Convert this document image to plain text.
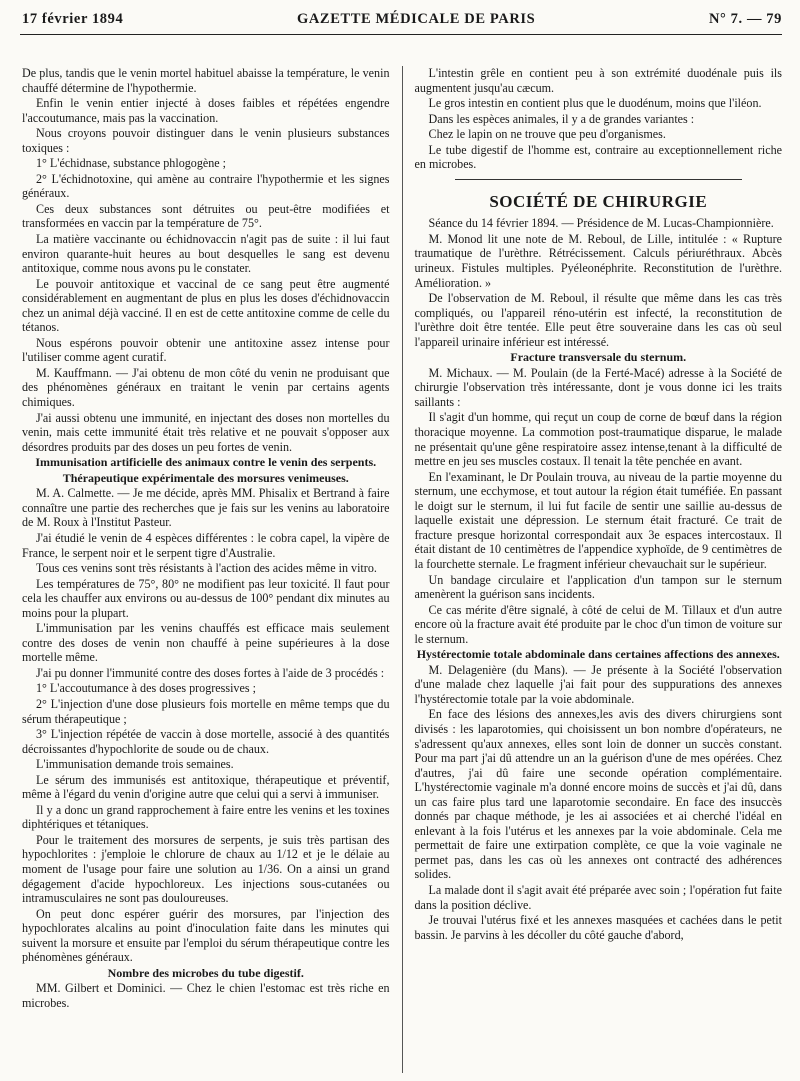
17 février 1894	GAZETTE MÉDICALE DE PARIS	N° 7. — 79

De plus, tandis que le venin mortel habituel abaisse la température, le venin chauffé détermine de l'hypothermie.

Enfin le venin entier injecté à doses faibles et répétées engendre l'accoutumance, mais pas la vaccination.

Nous croyons pouvoir distinguer dans le venin plusieurs substances toxiques :

1° L'échidnase, substance phlogogène ;

2° L'échidnotoxine, qui amène au contraire l'hypothermie et les signes généraux.

Ces deux substances sont détruites ou peut-être modifiées et transformées en vaccin par la température de 75°.

La matière vaccinante ou échidnovaccin n'agit pas de suite : il lui faut environ quarante-huit heures au bout desquelles le sang est devenu antitoxique, comme nous avons pu le constater.

Le pouvoir antitoxique et vaccinal de ce sang peut être augmenté considérablement en augmentant de plus en plus les doses d'échidnovaccin chez un animal déjà vacciné. Il en est de cette antitoxine comme de celle du tétanos.

Nous espérons pouvoir obtenir une antitoxine assez intense pour l'utiliser comme agent curatif.

M. Kauffmann. — J'ai obtenu de mon côté du venin ne produisant que des phénomènes généraux en traitant le venin par certains agents chimiques.

J'ai aussi obtenu une immunité, en injectant des doses non mortelles du venin, mais cette immunité était très relative et ne pouvait s'opposer aux désordres produits par des doses un peu fortes de venin.

Immunisation artificielle des animaux contre le venin des serpents.

Thérapeutique expérimentale des morsures venimeuses.

M. A. Calmette. — Je me décide, après MM. Phisalix et Bertrand à faire connaître une partie des recherches que je fais sur les venins au laboratoire de M. Roux à l'Institut Pasteur.

J'ai étudié le venin de 4 espèces différentes : le cobra capel, la vipère de France, le serpent noir et le serpent tigre d'Australie.

Tous ces venins sont très résistants à l'action des acides même in vitro.

Les températures de 75°, 80° ne modifient pas leur toxicité. Il faut pour cela les chauffer aux environs ou au-dessus de 100° pendant dix minutes au moins pour la plupart.

L'immunisation par les venins chauffés est efficace mais seulement contre des doses de venin non chauffé à peine supérieures à la dose mortelle même.

J'ai pu donner l'immunité contre des doses fortes à l'aide de 3 procédés :

1° L'accoutumance à des doses progressives ;

2° L'injection d'une dose plusieurs fois mortelle en même temps que du sérum thérapeutique ;

3° L'injection répétée de vaccin à dose mortelle, associé à des quantités décroissantes d'hypochlorite de soude ou de chaux.

L'immunisation demande trois semaines.

Le sérum des immunisés est antitoxique, thérapeutique et préventif, même à l'égard du venin d'origine autre que celui qui a servi à immuniser.

Il y a donc un grand rapprochement à faire entre les venins et les toxines diphtériques et tétaniques.

Pour le traitement des morsures de serpents, je suis très partisan des hypochlorites : j'emploie le chlorure de chaux au 1/12 et je le délaie au moment de l'usage pour faire une solution au 1/36. On a ainsi un grand dégagement d'acide hypochloreux. Les injections sous-cutanées ou intramusculaires ne sont pas douloureuses.

On peut donc espérer guérir des morsures, par l'injection des hypochlorates alcalins au point d'inoculation faite dans les minutes qui suivent la morsure et ensuite par l'emploi du sérum thérapeutique contre les phénomènes généraux.

Nombre des microbes du tube digestif.

MM. Gilbert et Dominici. — Chez le chien l'estomac est très riche en microbes.

L'intestin grêle en contient peu à son extrémité duodénale puis ils augmentent jusqu'au cæcum.

Le gros intestin en contient plus que le duodénum, moins que l'iléon.

Dans les espèces animales, il y a de grandes variantes :

Chez le lapin on ne trouve que peu d'organismes.

Le tube digestif de l'homme est, contraire au exceptionnellement riche en microbes.

SOCIÉTÉ DE CHIRURGIE

Séance du 14 février 1894. — Présidence de M. Lucas-Championnière.

M. Monod lit une note de M. Reboul, de Lille, intitulée : « Rupture traumatique de l'urèthre. Rétrécissement. Calculs périuréthraux. Abcès urineux. Fistules multiples. Pyéleonéphrite. Reconstitution de l'urèthre. Amélioration. »

De l'observation de M. Reboul, il résulte que même dans les cas très compliqués, ou l'appareil réno-utérin est infecté, la reconstitution de l'urèthre doit être tentée. Elle peut être souveraine dans les cas où seul l'appareil urinaire inférieur est intéressé.

Fracture transversale du sternum.

M. Michaux. — M. Poulain (de la Ferté-Macé) adresse à la Société de chirurgie l'observation très intéressante, dont je vous donne ici les traits saillants :

Il s'agit d'un homme, qui reçut un coup de corne de bœuf dans la région thoracique moyenne. La commotion post-traumatique disparue, le malade ne présentait qu'une gêne respiratoire assez intense,tenant à la difficulté de mettre en jeu ses muscles costaux. Il tenait la tête penchée en avant.

En l'examinant, le Dr Poulain trouva, au niveau de la partie moyenne du sternum, une ecchymose, et tout autour la région était tuméfiée. En passant le doigt sur le sternum, il lui fut facile de sentir une saillie au-dessus de laquelle existait une dépression. Le sternum était fracturé. Ce trait de fracture presque horizontal correspondait aux 3e espaces intercostaux. Il était distant de 10 centimètres de l'appendice xyphoïde, de 9 centimètres de la fourchette sternale. Le fragment inférieur chevauchait sur le supérieur.

Un bandage circulaire et l'application d'un tampon sur le sternum amenèrent la guérison sans incidents.

Ce cas mérite d'être signalé, à côté de celui de M. Tillaux et d'un autre encore où la fracture avait été produite par le choc d'un timon de voiture sur le sternum.

Hystérectomie totale abdominale dans certaines affections des annexes.

M. Delagenière (du Mans). — Je présente à la Société l'observation d'une malade chez laquelle j'ai fait pour des suppurations des annexes l'hystérectomie totale par la voie abdominale.

En face des lésions des annexes,les avis des divers chirurgiens sont divisés : les laparotomies, qui choisissent un bon nombre d'opérateurs, ne s'adressent qu'aux annexes, elles sont loin de donner un succès constant. Pour ma part j'ai dû attendre un an la guérison d'une de mes opérées. Chez d'autres, j'ai dû faire une seconde opération complémentaire. L'hystérectomie vaginale m'a donné encore moins de succès et j'ai dû, dans un cas faire plus tard une laparotomie secondaire. En face des insuccès donnés par chaque méthode, je les ai associées et ai cherché l'idéal en enlevant à la fois l'utérus et les annexes par la voie abdominale. Cela me permettait de faire une extirpation complète, ce que la voie vaginale ne permet pas, dans les cas où les annexes ont contracté des adhérences solides.

La malade dont il s'agit avait été préparée avec soin ; l'opération fut faite dans la position déclive.

Je trouvai l'utérus fixé et les annexes masquées et cachées dans le petit bassin. Je parvins à les décoller du côté gauche d'abord,
